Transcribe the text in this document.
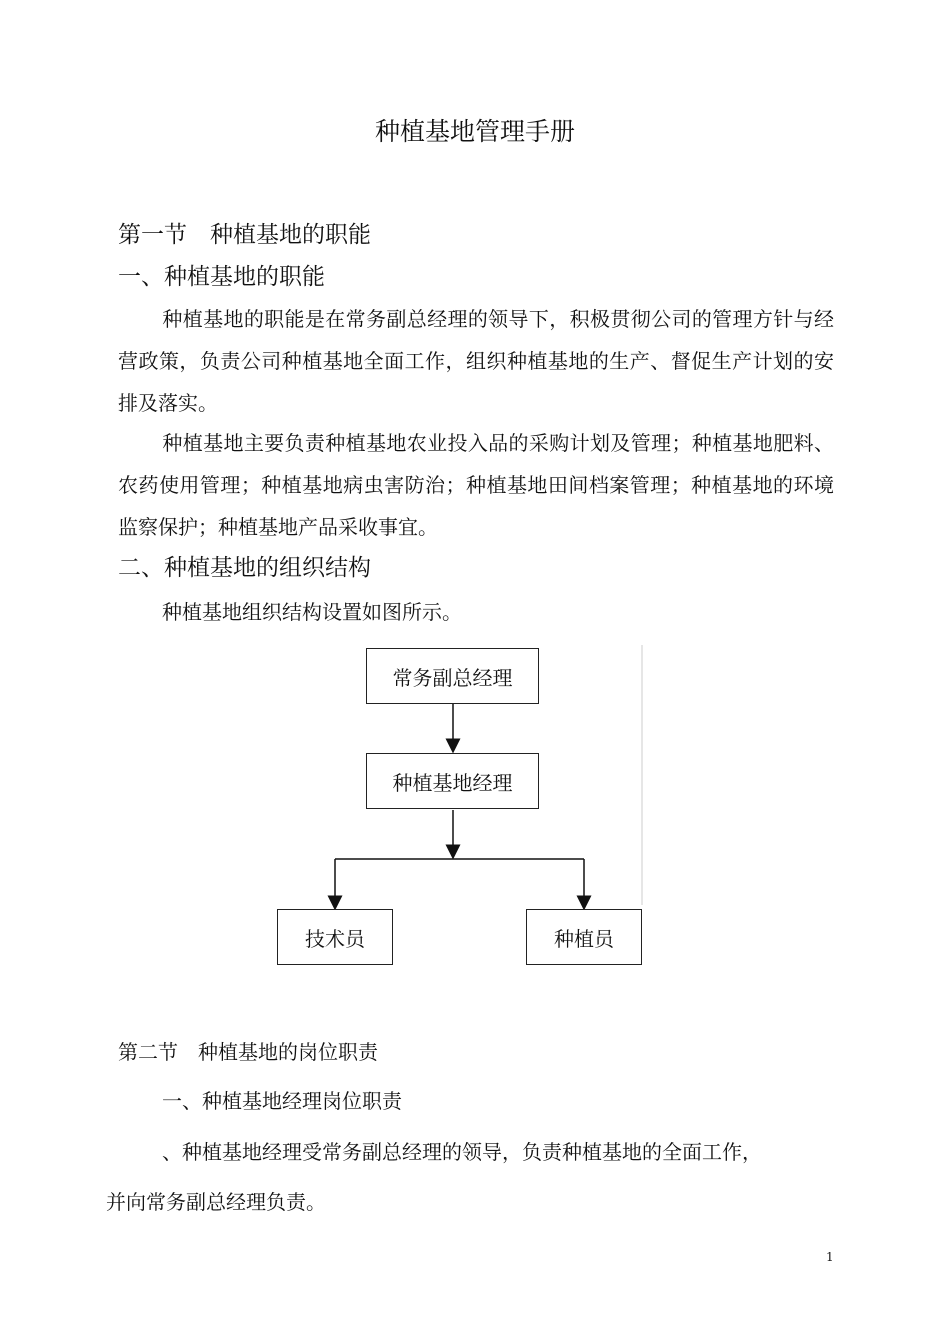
种植基地管理手册
第一节　种植基地的职能
一、种植基地的职能
种植基地的职能是在常务副总经理的领导下，积极贯彻公司的管理方针与经营政策，负责公司种植基地全面工作，组织种植基地的生产、督促生产计划的安排及落实。
种植基地主要负责种植基地农业投入品的采购计划及管理；种植基地肥料、农药使用管理；种植基地病虫害防治；种植基地田间档案管理；种植基地的环境监察保护；种植基地产品采收事宜。
二、种植基地的组织结构
种植基地组织结构设置如图所示。
常务副总经理
种植基地经理
技术员	种植员
第二节　种植基地的岗位职责
一、种植基地经理岗位职责
、种植基地经理受常务副总经理的领导，负责种植基地的全面工作，
并向常务副总经理负责。
1
